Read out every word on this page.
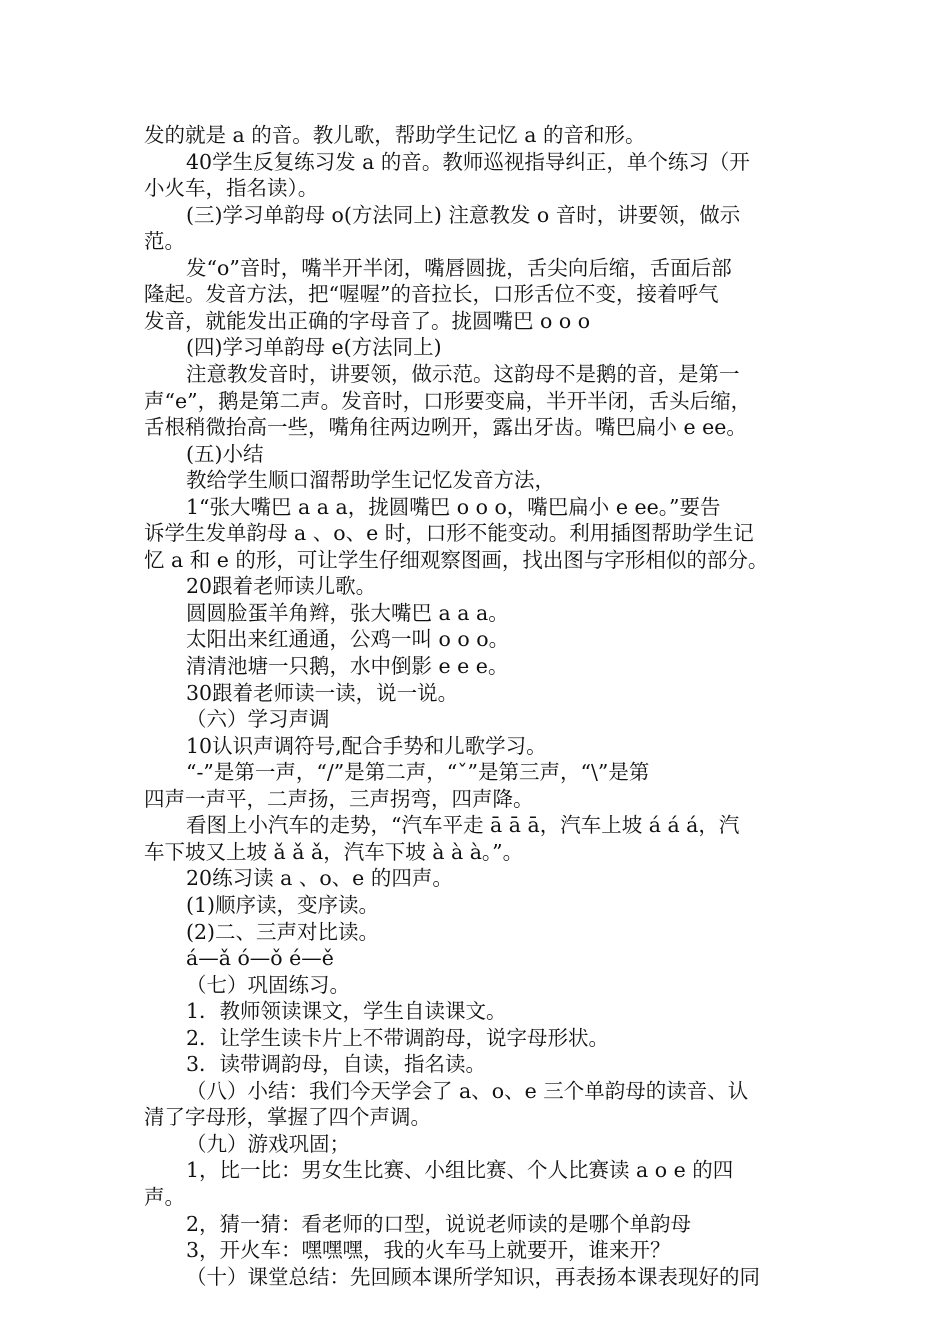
发的就是 a 的音。教儿歌，帮助学生记忆 a 的音和形。
40学生反复练习发 a 的音。教师巡视指导纠正，单个练习（开
小火车，指名读）。
(三)学习单韵母 o(方法同上) 注意教发 o 音时，讲要领，做示
范。
发“o”音时，嘴半开半闭，嘴唇圆拢，舌尖向后缩，舌面后部
隆起。发音方法，把“喔喔”的音拉长，口形舌位不变，接着呼气
发音，就能发出正确的字母音了。拢圆嘴巴 o o o
(四)学习单韵母 e(方法同上)
注意教发音时，讲要领，做示范。这韵母不是鹅的音，是第一
声“e”，鹅是第二声。发音时，口形要变扁，半开半闭，舌头后缩，
舌根稍微抬高一些，嘴角往两边咧开，露出牙齿。嘴巴扁小 e ee。
(五)小结
教给学生顺口溜帮助学生记忆发音方法，
1“张大嘴巴 a a a，拢圆嘴巴 o o o，嘴巴扁小 e ee。”要告
诉学生发单韵母 a 、o、e 时，口形不能变动。利用插图帮助学生记
忆 a 和 e 的形，可让学生仔细观察图画，找出图与字形相似的部分。
20跟着老师读儿歌。
圆圆脸蛋羊角辫，张大嘴巴 a a a。
太阳出来红通通，公鸡一叫 o o o。
清清池塘一只鹅，水中倒影 e e e。
30跟着老师读一读，说一说。
（六）学习声调
10认识声调符号,配合手势和儿歌学习。
“-”是第一声，“/”是第二声，“ˇ”是第三声，“\”是第
四声一声平，二声扬，三声拐弯，四声降。
看图上小汽车的走势，“汽车平走 ā ā ā，汽车上坡 á á á，汽
车下坡又上坡 ǎ ǎ ǎ，汽车下坡 à à à。”。
20练习读 a 、o、e 的四声。
(1)顺序读，变序读。
(2)二、三声对比读。
á—ǎ ó—ǒ é—ě
（七）巩固练习。
1．教师领读课文，学生自读课文。
2．让学生读卡片上不带调韵母，说字母形状。
3．读带调韵母，自读，指名读。
（八）小结：我们今天学会了 a、o、e 三个单韵母的读音、认
清了字母形，掌握了四个声调。
（九）游戏巩固；
1，比一比：男女生比赛、小组比赛、个人比赛读 a o e 的四
声。
2，猜一猜：看老师的口型，说说老师读的是哪个单韵母
3，开火车：嘿嘿嘿，我的火车马上就要开，谁来开？
（十）课堂总结：先回顾本课所学知识，再表扬本课表现好的同
